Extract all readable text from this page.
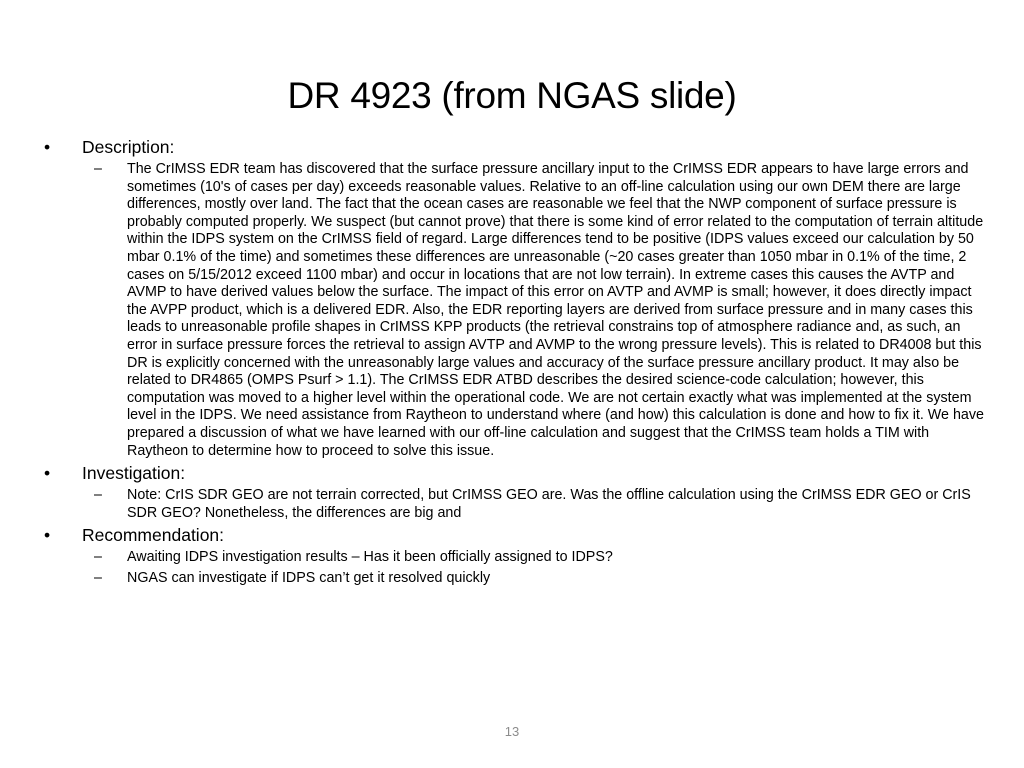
DR 4923 (from NGAS slide)
•	Description:
– The CrIMSS EDR team has discovered that the surface pressure ancillary input to the CrIMSS EDR appears to have large errors and sometimes (10's of cases per day) exceeds reasonable values. Relative to an off-line calculation using our own DEM there are large differences, mostly over land. The fact that the ocean cases are reasonable we feel that the NWP component of surface pressure is probably computed properly. We suspect (but cannot prove) that there is some kind of error related to the computation of terrain altitude within the IDPS system on the CrIMSS field of regard. Large differences tend to be positive (IDPS values exceed our calculation by 50 mbar 0.1% of the time) and sometimes these differences are unreasonable (~20 cases greater than 1050 mbar in 0.1% of the time, 2 cases on 5/15/2012 exceed 1100 mbar) and occur in locations that are not low terrain). In extreme cases this causes the AVTP and AVMP to have derived values below the surface. The impact of this error on AVTP and AVMP is small; however, it does directly impact the AVPP product, which is a delivered EDR. Also, the EDR reporting layers are derived from surface pressure and in many cases this leads to unreasonable profile shapes in CrIMSS KPP products (the retrieval constrains top of atmosphere radiance and, as such, an error in surface pressure forces the retrieval to assign AVTP and AVMP to the wrong pressure levels). This is related to DR4008 but this DR is explicitly concerned with the unreasonably large values and accuracy of the surface pressure ancillary product. It may also be related to DR4865 (OMPS Psurf > 1.1). The CrIMSS EDR ATBD describes the desired science-code calculation; however, this computation was moved to a higher level within the operational code. We are not certain exactly what was implemented at the system level in the IDPS. We need assistance from Raytheon to understand where (and how) this calculation is done and how to fix it. We have prepared a discussion of what we have learned with our off-line calculation and suggest that the CrIMSS team holds a TIM with Raytheon to determine how to proceed to solve this issue.
•	Investigation:
– Note: CrIS SDR GEO are not terrain corrected, but CrIMSS GEO are. Was the offline calculation using the CrIMSS EDR GEO or CrIS SDR GEO? Nonetheless, the differences are big and
•	Recommendation:
– Awaiting IDPS investigation results – Has it been officially assigned to IDPS?
– NGAS can investigate if IDPS can’t get it resolved quickly
13
